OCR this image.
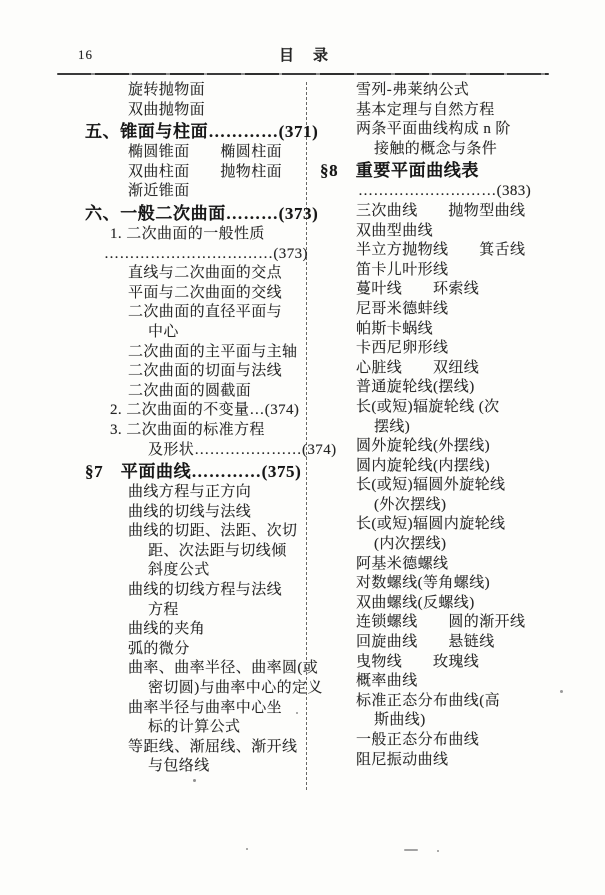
16	目　录
旋转抛物面
双曲抛物面
五、锥面与柱面…………(371)
椭圆锥面　　椭圆柱面
双曲柱面　　抛物柱面
渐近锥面
六、一般二次曲面………(373)
1. 二次曲面的一般性质
……………………………(373)
直线与二次曲面的交点
平面与二次曲面的交线
二次曲面的直径平面与
中心
二次曲面的主平面与主轴
二次曲面的切面与法线
二次曲面的圆截面
2. 二次曲面的不变量…(374)
3. 二次曲面的标准方程
及形状…………………(374)
§7　平面曲线…………(375)
曲线方程与正方向
曲线的切线与法线
曲线的切距、法距、次切
距、次法距与切线倾
斜度公式
曲线的切线方程与法线
方程
曲线的夹角
弧的微分
曲率、曲率半径、曲率圆(或
密切圆)与曲率中心的定义
曲率半径与曲率中心坐
标的计算公式
等距线、渐屈线、渐开线
与包络线
雪列-弗莱纳公式
基本定理与自然方程
两条平面曲线构成 n 阶
接触的概念与条件
§8　重要平面曲线表
………………………(383)
三次曲线　　抛物型曲线
双曲型曲线
半立方抛物线　　箕舌线
笛卡儿叶形线
蔓叶线　　环索线
尼哥米德蚌线
帕斯卡蜗线
卡西尼卵形线
心脏线　　双纽线
普通旋轮线(摆线)
长(或短)辐旋轮线 (次
摆线)
圆外旋轮线(外摆线)
圆内旋轮线(内摆线)
长(或短)辐圆外旋轮线
(外次摆线)
长(或短)辐圆内旋轮线
(内次摆线)
阿基米德螺线
对数螺线(等角螺线)
双曲螺线(反螺线)
连锁螺线　　圆的渐开线
回旋曲线　　悬链线
曳物线　　玫瑰线
概率曲线
标准正态分布曲线(高
斯曲线)
一般正态分布曲线
阻尼振动曲线
